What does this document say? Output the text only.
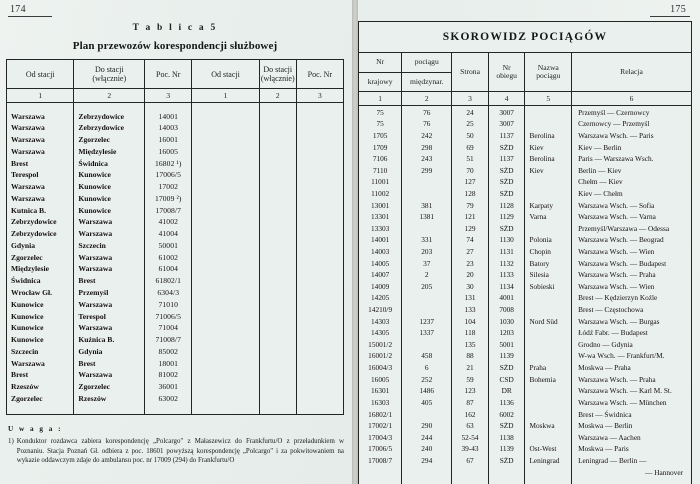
174
T a b l i c a 5
Plan przewozów korespondencji służbowej
Od stacji	Do stacji
(włącznie)	Poc. Nr	Od stacji	Do stacji
(włącznie)	Poc. Nr
1	2	3	1	2	3

Warszawa	Zebrzydowice	14001			
Warszawa	Zebrzydowice	14003			
Warszawa	Zgorzelec	16001			
Warszawa	Międzylesie	16005			
Brest	Świdnica	16802 ¹)			
Terespol	Kunowice	17006/5			
Warszawa	Kunowice	17002			
Warszawa	Kunowice	17009 ²)			
Kutnica B.	Kunowice	17008/7			
Zebrzydowice	Warszawa	41002			
Zebrzydowice	Warszawa	41004			
Gdynia	Szczecin	50001			
Zgorzelec	Warszawa	61002			
Międzylesie	Warszawa	61004			
Świdnica	Brest	61802/1			
Wrocław Gł.	Przemyśl	6304/3			
Kunowice	Warszawa	71010			
Kunowice	Terespol	71006/5			
Kunowice	Warszawa	71004			
Kunowice	Kuźnica B.	71008/7			
Szczecin	Gdynia	85002			
Warszawa	Brest	18001			
Brest	Warszawa	81002			
Rzeszów	Zgorzelec	36001			
Zgorzelec	Rzeszów	63002			

U w a g a :
1) Konduktor rozdawca zabiera korespondencję „Polcargo" z Małaszewicz do Frankfurtu/O z przeładunkiem w Poznaniu. Stacja Poznań Gł. odbiera z poc. 18601 powyższą korespondencję „Polcargo" i za pokwitowaniem na wykazie oddawczym zdaje do ambulansu poc. nr 17009 (294) do Frankfurtu/O
175
SKOROWIDZ POCIĄGÓW					
Nr	pociągu	Strona	Nr
obiegu	Nazwa
pociągu	Relacja
krajowy	międzynar.				
1	2	3	4	5	6
75	76	24	3007		Przemyśl — Czernowcy
75	76	25	3007		Czernowcy — Przemyśl
1705	242	50	1137	Berolina	Warszawa Wsch. — Paris
1709	298	69	SŻD	Kiev	Kiev — Berlin
7106	243	51	1137	Berolina	Paris — Warszawa Wsch.
7110	299	70	SŻD	Kiev	Berlin — Kiev
11001		127	SŻD		Chełm — Kiev
11002		128	SŻD		Kiev — Chełm
13001	381	79	1128	Karpaty	Warszawa Wsch. — Sofia
13301	1381	121	1129	Varna	Warszawa Wsch. — Varna
13303		129	SŻD		Przemyśl/Warszawa — Odessa
14001	331	74	1130	Polonia	Warszawa Wsch. — Beograd
14003	203	27	1131	Chopin	Warszawa Wsch. — Wien
14005	37	23	1132	Batory	Warszawa Wsch. — Budapest
14007	2	20	1133	Silesia	Warszawa Wsch. — Praha
14009	205	30	1134	Sobieski	Warszawa Wsch. — Wien
14205		131	4001		Brest — Kędzierzyn Koźle
14210/9		133	7008		Brest — Częstochowa
14303	1237	104	1030	Nord Süd	Warszawa Wsch. — Burgas
14305	1337	118	1203		Łódź Fabr. — Budapest
15001/2		135	5001		Grodno — Gdynia
16001/2	458	88	1139		W-wa Wsch. — Frankfurt/M.
16004/3	6	21	SŻD	Praha	Moskwa — Praha
16005	252	59	CSD	Bohemia	Warszawa Wsch. — Praha
16301	1486	123	DR		Warszawa Wsch. — Karl M. St.
16303	405	87	1136		Warszawa Wsch. — München
16802/1		162	6002		Brest — Świdnica
17002/1	290	63	SŻD	Moskwa	Moskwa — Berlin
17004/3	244	52-54	1138		Warszawa — Aachen
17006/5	240	39-43	1139	Ost-West	Moskwa — Paris
17008/7	294	67	SŻD	Leningrad	Leningrad — Berlin —
					— Hannover
